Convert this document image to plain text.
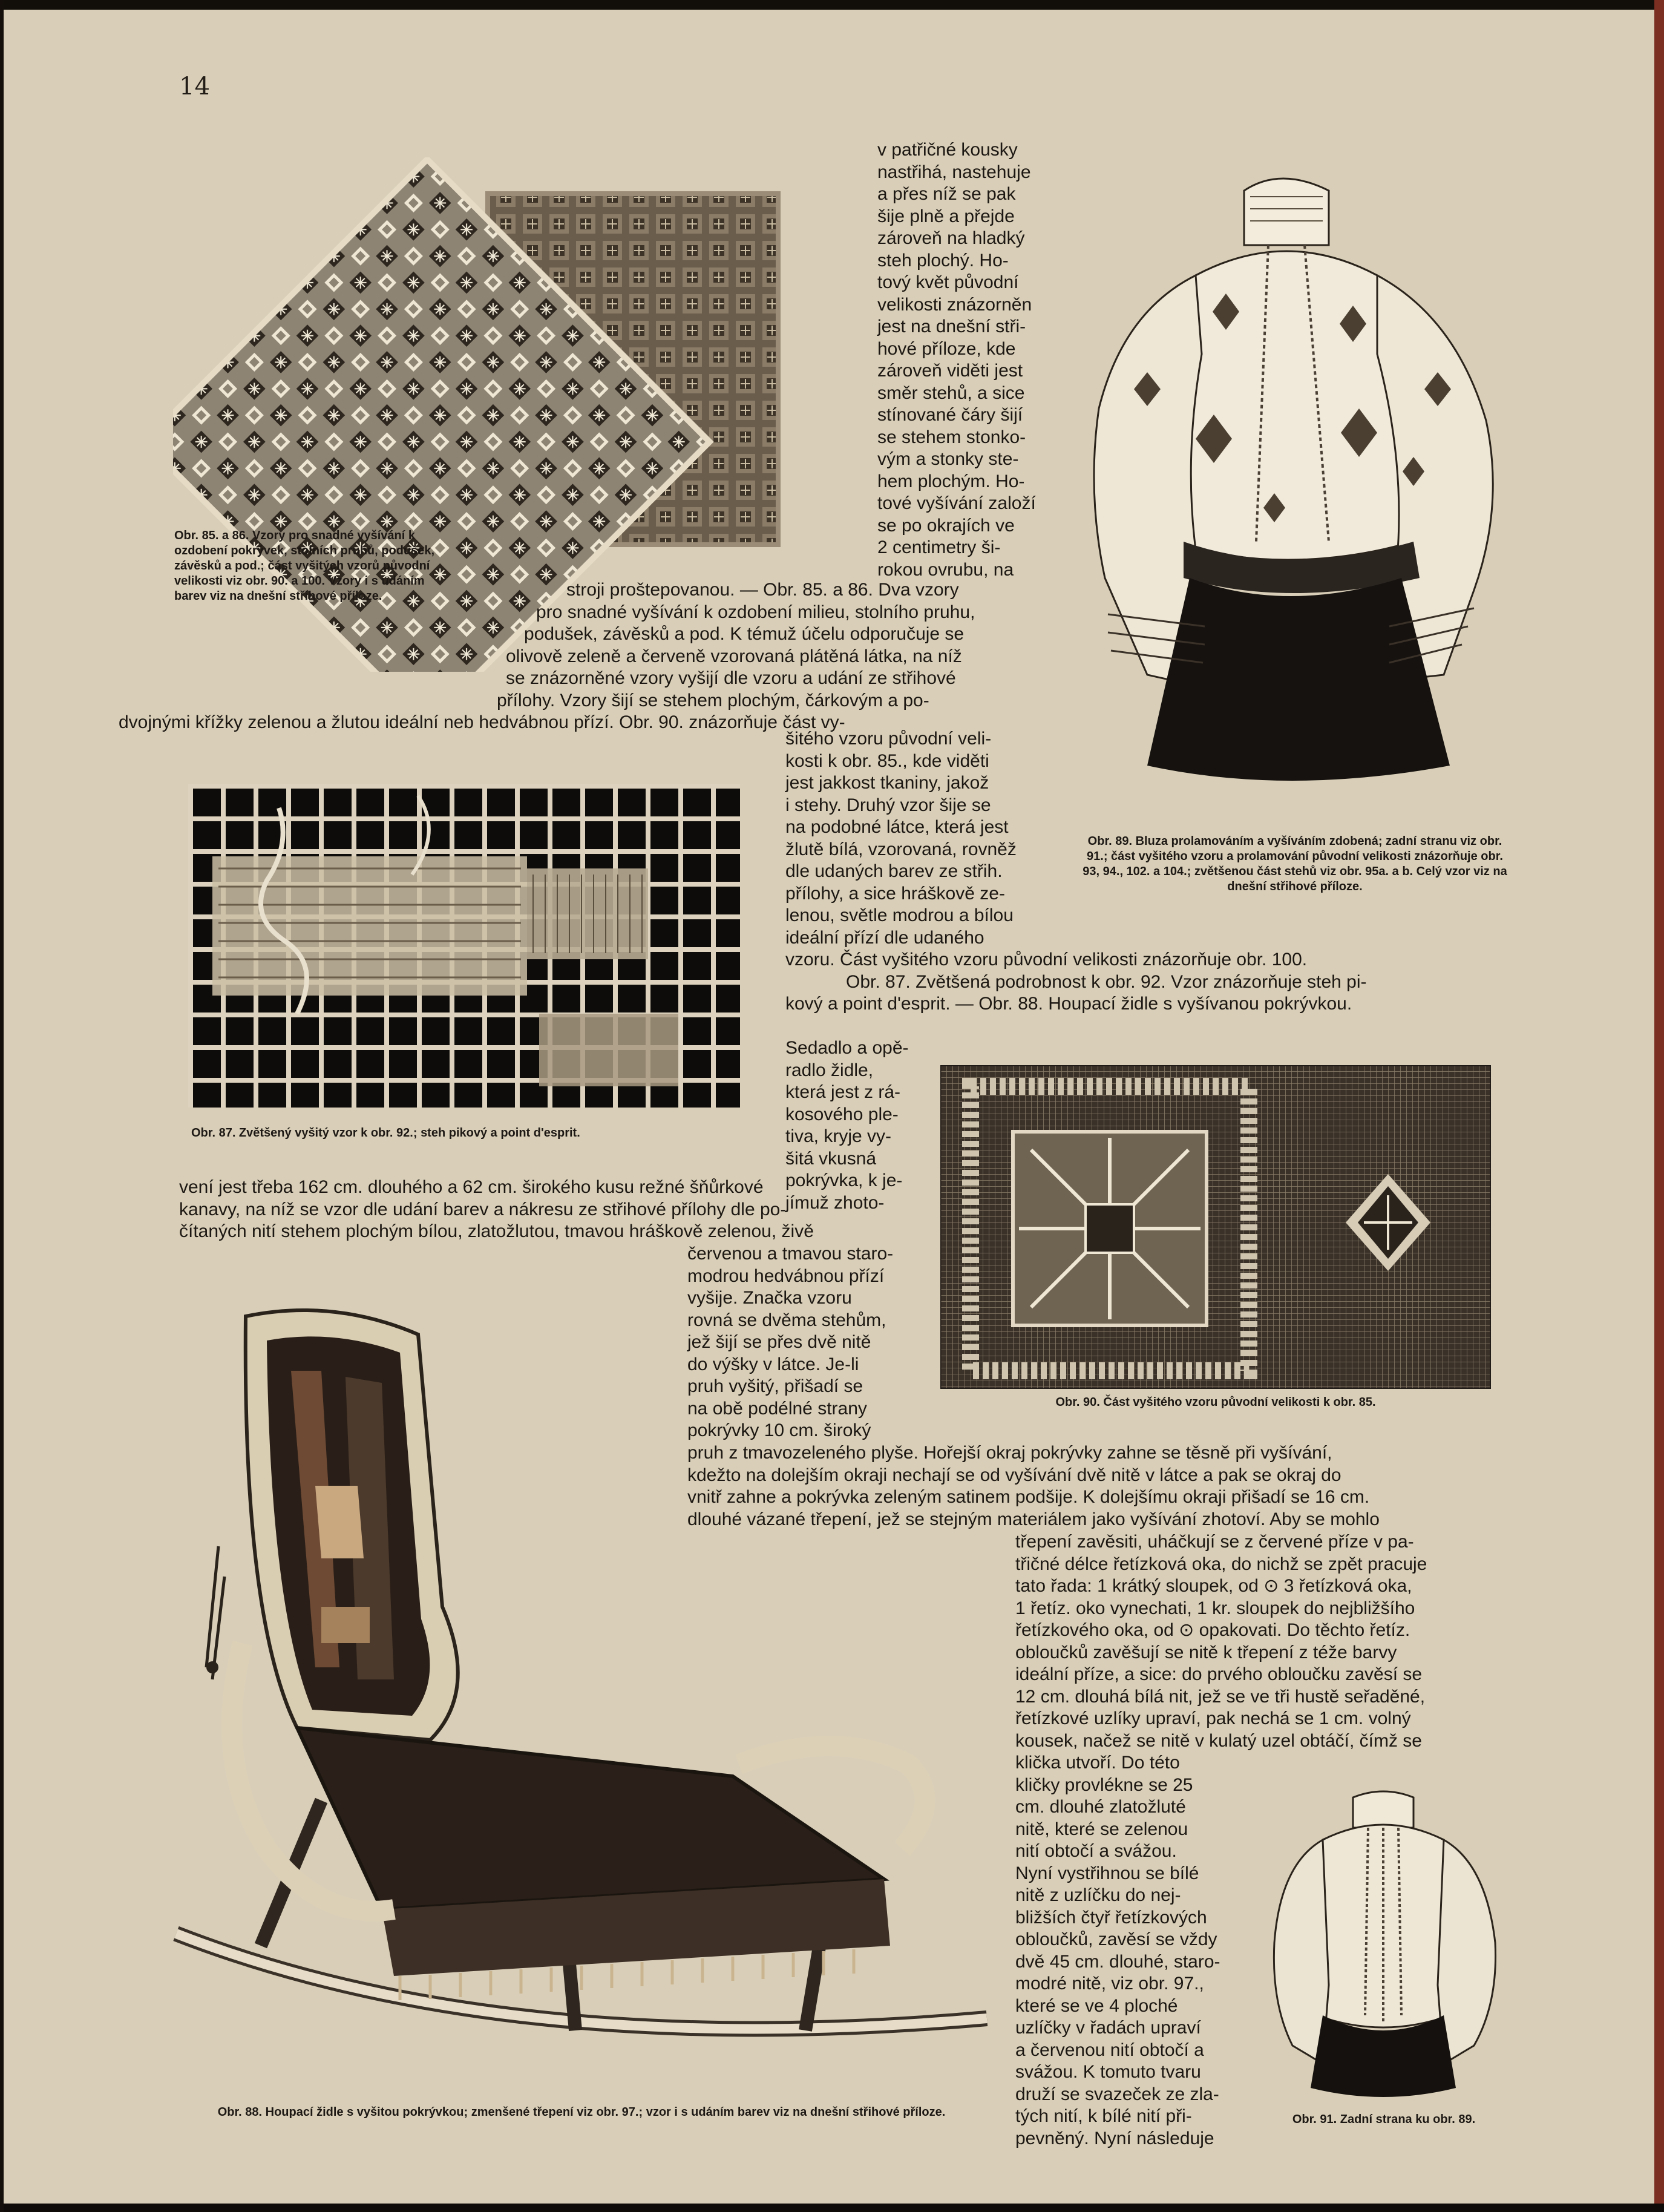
14
Obr. 85. a 86. Vzory pro snadné vyšívání k ozdobení pokrývek, stolních pruhů, podušek, závěsků a pod.; část vyšitých vzorů původní velikosti viz obr. 90. a 100. Vzory i s udáním barev viz na dnešní střihové příloze.
v patřičné kousky
nastřihá, nastehuje
a přes níž se pak
šije plně a přejde
zároveň na hladký
steh plochý. Ho-
tový květ původní
velikosti znázorněn
jest na dnešní stři-
hové příloze, kde
zároveň viděti jest
směr stehů, a sice
stínované čáry šijí
se stehem stonko-
vým a stonky ste-
hem plochým. Ho-
tové vyšívání založí
se po okrajích ve
2 centimetry ši-
rokou ovrubu, na
Obr. 89. Bluza prolamováním a vyšíváním zdobená; zadní stranu viz obr. 91.; část vyšitého vzoru a prolamování původní velikosti znázorňuje obr. 93, 94., 102. a 104.; zvětšenou část stehů viz obr. 95a. a b. Celý vzor viz na dnešní střihové příloze.
stroji proštepovanou. — Obr. 85. a 86. Dva vzory
pro snadné vyšívání k ozdobení milieu, stolního pruhu,
podušek, závěsků a pod. K témuž účelu odporučuje se
olivově zeleně a červeně vzorovaná plátěná látka, na níž
se znázorněné vzory vyšijí dle vzoru a udání ze střihové
přílohy. Vzory šijí se stehem plochým, čárkovým a po-
dvojnými křížky zelenou a žlutou ideální neb hedvábnou přízí. Obr. 90. znázorňuje část vy-
Obr. 87. Zvětšený vyšitý vzor k obr. 92.; steh pikový a point d'esprit.
šitého vzoru původní veli-
kosti k obr. 85., kde viděti
jest jakkost tkaniny, jakož
i stehy. Druhý vzor šije se
na podobné látce, která jest
žlutě bílá, vzorovaná, rovněž
dle udaných barev ze střih.
přílohy, a sice hráškově ze-
lenou, světle modrou a bílou
ideální přízí dle udaného
vzoru. Část vyšitého vzoru původní velikosti znázorňuje obr. 100.
Obr. 87. Zvětšená podrobnost k obr. 92. Vzor znázorňuje steh pi-
kový a point d'esprit. — Obr. 88. Houpací židle s vyšívanou pokrývkou.
Sedadlo a opě-
radlo židle,
která jest z rá-
kosového ple-
tiva, kryje vy-
šitá vkusná
pokrývka, k je-
jímuž zhoto-
Obr. 90. Část vyšitého vzoru původní velikosti k obr. 85.
vení jest třeba 162 cm. dlouhého a 62 cm. širokého kusu režné šňůrkové
kanavy, na níž se vzor dle udání barev a nákresu ze střihové přílohy dle po-
čítaných nití stehem plochým bílou, zlatožlutou, tmavou hráškově zelenou, živě
červenou a tmavou staro-
modrou hedvábnou přízí
vyšije. Značka vzoru
rovná se dvěma stehům,
jež šijí se přes dvě nitě
do výšky v látce. Je-li
pruh vyšitý, přišadí se
na obě podélné strany
pokrývky 10 cm. široký
Obr. 88. Houpací židle s vyšitou pokrývkou; zmenšené třepení viz obr. 97.; vzor i s udáním barev viz na dnešní střihové příloze.
pruh z tmavozeleného plyše. Hořejší okraj pokrývky zahne se těsně při vyšívání,
kdežto na dolejším okraji nechají se od vyšívání dvě nitě v látce a pak se okraj do
vnitř zahne a pokrývka zeleným satinem podšije. K dolejšímu okraji přišadí se 16 cm.
dlouhé vázané třepení, jež se stejným materiálem jako vyšívání zhotoví. Aby se mohlo
třepení zavěsiti, uháčkují se z červené příze v pa-
třičné délce řetízková oka, do nichž se zpět pracuje
tato řada: 1 krátký sloupek, od ⊙ 3 řetízková oka,
1 řetíz. oko vynechati, 1 kr. sloupek do nejbližšího
řetízkového oka, od ⊙ opakovati. Do těchto řetíz.
obloučků zavěšují se nitě k třepení z téže barvy
ideální příze, a sice: do prvého obloučku zavěsí se
12 cm. dlouhá bílá nit, jež se ve tři hustě seřaděné,
řetízkové uzlíky upraví, pak nechá se 1 cm. volný
kousek, načež se nitě v kulatý uzel obtáčí, čímž se
klička utvoří. Do této
kličky provlékne se 25
cm. dlouhé zlatožluté
nitě, které se zelenou
nití obtočí a svážou.
Nyní vystřihnou se bílé
nitě z uzlíčku do nej-
bližších čtyř řetízkových
obloučků, zavěsí se vždy
dvě 45 cm. dlouhé, staro-
modré nitě, viz obr. 97.,
které se ve 4 ploché
uzlíčky v řadách upraví
a červenou nití obtočí a
svážou. K tomuto tvaru
druží se svazeček ze zla-
tých nití, k bílé nití při-
pevněný. Nyní následuje
Obr. 91. Zadní strana ku obr. 89.
